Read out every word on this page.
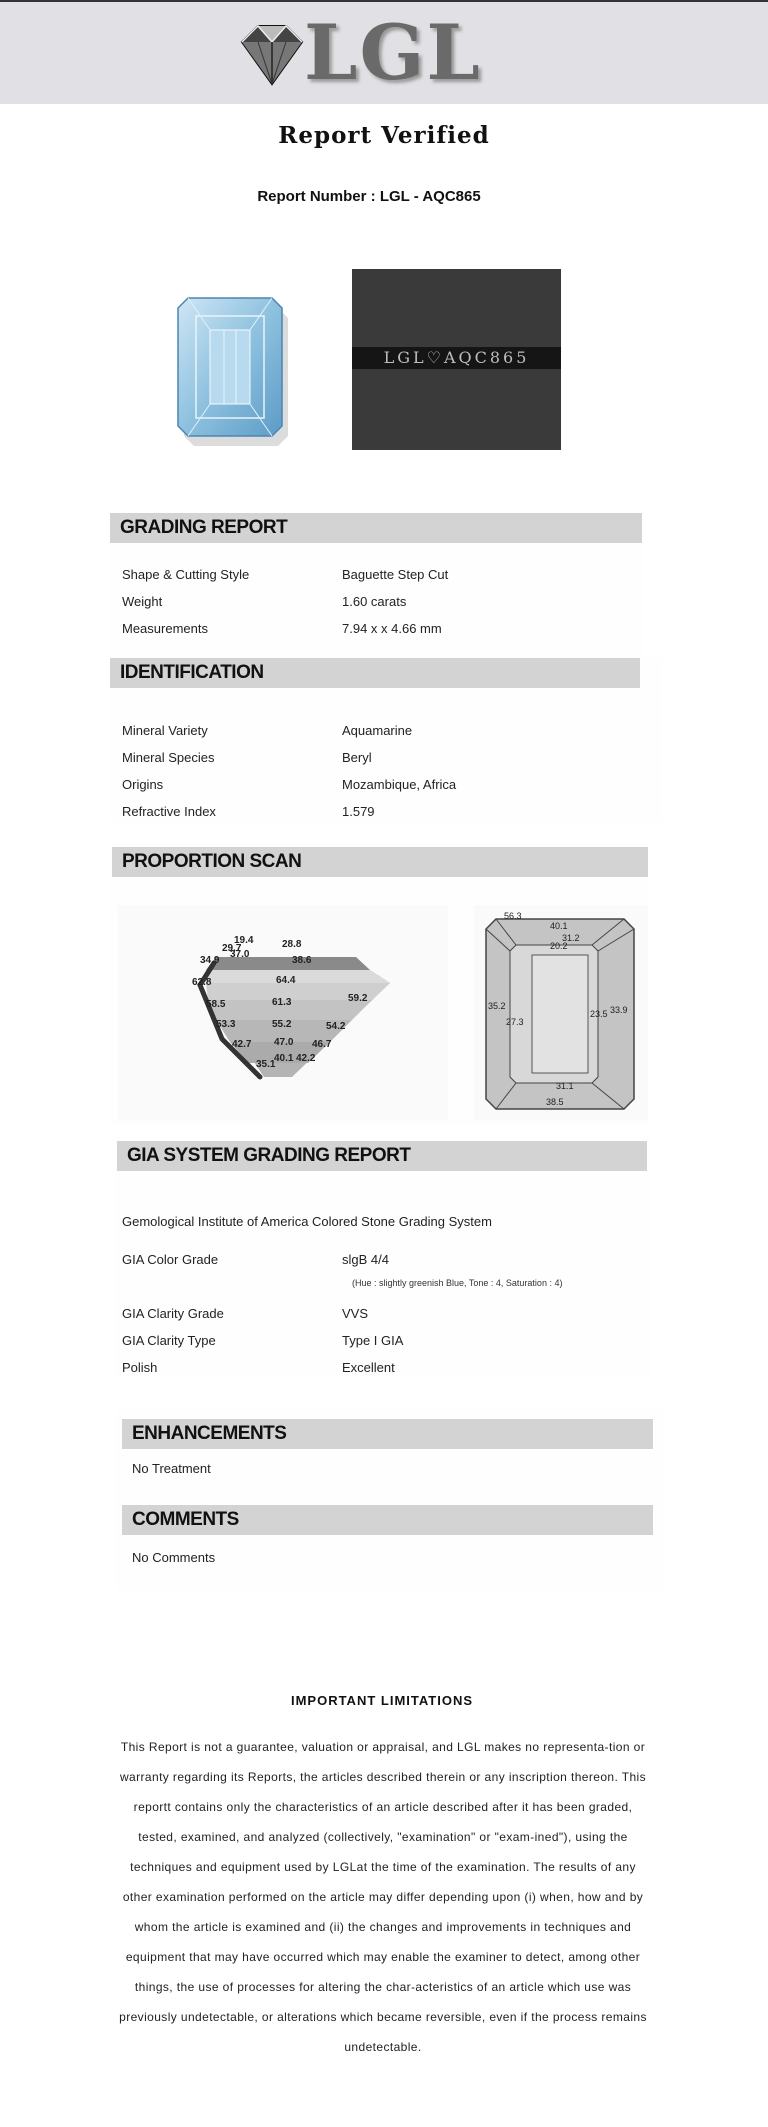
LGL
Report Verified
Report Number : LGL - AQC865
LGL♡AQC865
GRADING REPORT
Shape & Cutting Style	Baguette Step Cut
Weight	1.60 carats
Measurements	7.94 x x 4.66 mm
IDENTIFICATION
Mineral Variety	Aquamarine
Mineral Species	Beryl
Origins	Mozambique, Africa
Refractive Index	1.579
PROPORTION SCAN
28.8
19.4
29.7
37.0
34.9	38.6
62.8	64.4
59.2
58.5	61.3
53.3	55.2	54.2
42.7 47.0 46.7
35.1
40.1 42.2
56.3
40.1
31.2
20.2
35.2
27.3
23.5 33.9
31.1
38.5
GIA SYSTEM GRADING REPORT
Gemological Institute of America Colored Stone Grading System
GIA Color Grade	slgB 4/4
(Hue : slightly greenish Blue, Tone : 4, Saturation : 4)
GIA Clarity Grade	VVS
GIA Clarity Type	Type I GIA
Polish	Excellent
ENHANCEMENTS
No Treatment
COMMENTS
No Comments
IMPORTANT LIMITATIONS
This Report is not a guarantee, valuation or appraisal, and LGL makes no representa-tion or warranty regarding its Reports, the articles described therein or any inscription thereon. This reportt contains only the characteristics of an article described after it has been graded, tested, examined, and analyzed (collectively, "examination" or "exam-ined"), using the techniques and equipment used by LGLat the time of the examination. The results of any other examination performed on the article may differ depending upon (i) when, how and by whom the article is examined and (ii) the changes and improvements in techniques and equipment that may have occurred which may enable the examiner to detect, among other things, the use of processes for altering the char-acteristics of an article which use was previously undetectable, or alterations which became reversible, even if the process remains undetectable.
